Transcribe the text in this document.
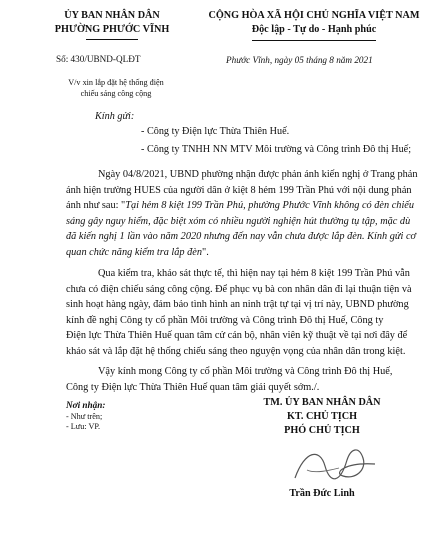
ỦY BAN NHÂN DÂN
PHƯỜNG PHƯỚC VĨNH
CỘNG HÒA XÃ HỘI CHỦ NGHĨA VIỆT NAM
Độc lập - Tự do - Hạnh phúc
Số: 430/UBND-QLĐT	Phước Vĩnh, ngày 05 tháng 8 năm 2021
V/v xin lắp đặt hệ thống điện
chiếu sáng công cộng
Kính gửi:
- Công ty Điện lực Thừa Thiên Huế.
- Công ty TNHH NN MTV Môi trường và Công trình Đô thị Huế;
Ngày 04/8/2021, UBND phường nhận được phản ánh kiến nghị ở Trang phản
ánh hiện trường HUES của người dân ở kiệt 8 hẻm 199 Trần Phú với nội dung phản
ánh như sau: "Tại hẻm 8 kiệt 199 Trần Phú, phường Phước Vĩnh không có đèn chiếu
sáng gây nguy hiểm, đặc biệt xóm có nhiều người nghiện hút thường tụ tập, mặc dù
đã kiến nghị 1 lần vào năm 2020 nhưng đến nay vẫn chưa được lắp đèn. Kính gửi cơ
quan chức năng kiểm tra lắp đèn".
Qua kiểm tra, khảo sát thực tế, thì hiện nay tại hẻm 8 kiệt 199 Trần Phú vẫn
chưa có điện chiếu sáng công cộng. Để phục vụ bà con nhân dân đi lại thuận tiện và
sinh hoạt hàng ngày, đảm bảo tình hình an ninh trật tự tại vị trí này, UBND phường
kính đề nghị Công ty cổ phần Môi trường và Công trình Đô thị Huế, Công ty
Điện lực Thừa Thiên Huế quan tâm cử cán bộ, nhân viên kỹ thuật về tại nơi đây để
khảo sát và lắp đặt hệ thống chiếu sáng theo nguyện vọng của nhân dân trong kiệt.
Vậy kính mong Công ty cổ phần Môi trường và Công trình Đô thị Huế,
Công ty Điện lực Thừa Thiên Huế quan tâm giải quyết sớm./.
Nơi nhận:
- Như trên;
- Lưu: VP.
TM. ỦY BAN NHÂN DÂN
KT. CHỦ TỊCH
PHÓ CHỦ TỊCH
Trần Đức Linh
